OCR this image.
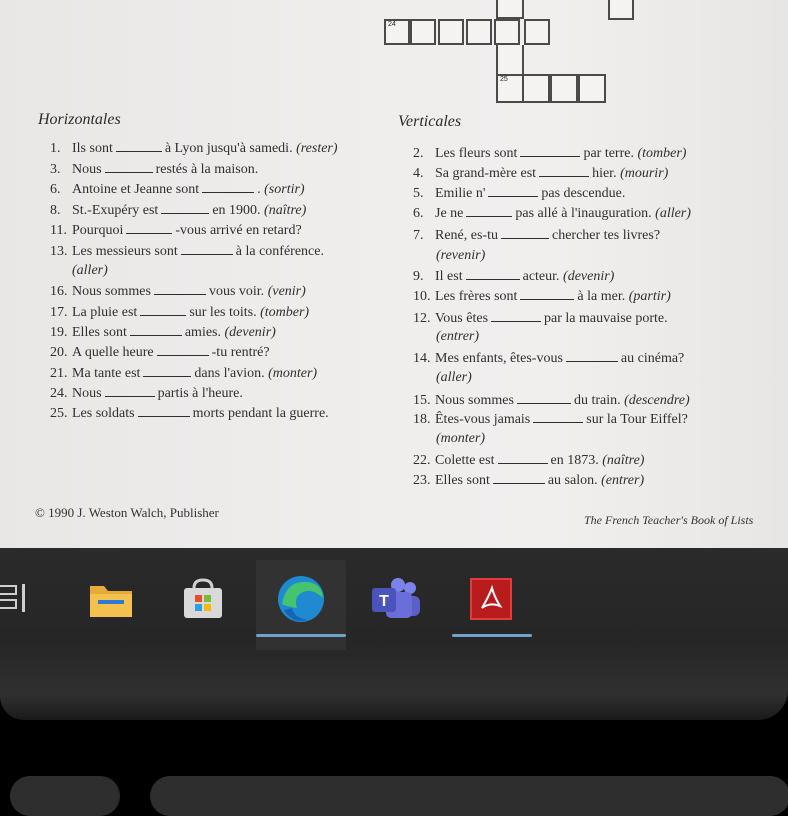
24
25
Horizontales	Verticales
1. Ils sont	à Lyon jusqu'à samedi. (rester)
3. Nous	restés à la maison.
6. Antoine et Jeanne sont	. (sortir)
8. St.-Exupéry est	en 1900. (naître)
11. Pourquoi	-vous arrivé en retard?
13. Les messieurs sont	à la conférence.
16. Nous sommes	vous voir. (venir)
17. La pluie est	sur les toits. (tomber)
19. Elles sont	amies. (devenir)
20. A quelle heure	-tu rentré?
21. Ma tante est	dans l'avion. (monter)
24. Nous	partis à l'heure.
25. Les soldats	morts pendant la guerre.
(aller)
2. Les fleurs sont	par terre. (tomber)
4. Sa grand-mère est	hier. (mourir)
5. Emilie n'	pas descendue.
6. Je ne	pas allé à l'inauguration. (aller)
7. René, es-tu	chercher tes livres?
9. Il est	acteur. (devenir)
10. Les frères sont	à la mer. (partir)
12. Vous êtes	par la mauvaise porte.
14. Mes enfants, êtes-vous	au cinéma?
15. Nous sommes	du train. (descendre)
18. Êtes-vous jamais	sur la Tour Eiffel?
22. Colette est	en 1873. (naître)
23. Elles sont	au salon. (entrer)
(revenir)
(entrer)
(aller)
(monter)
© 1990 J. Weston Walch, Publisher	The French Teacher's Book of Lists
T
